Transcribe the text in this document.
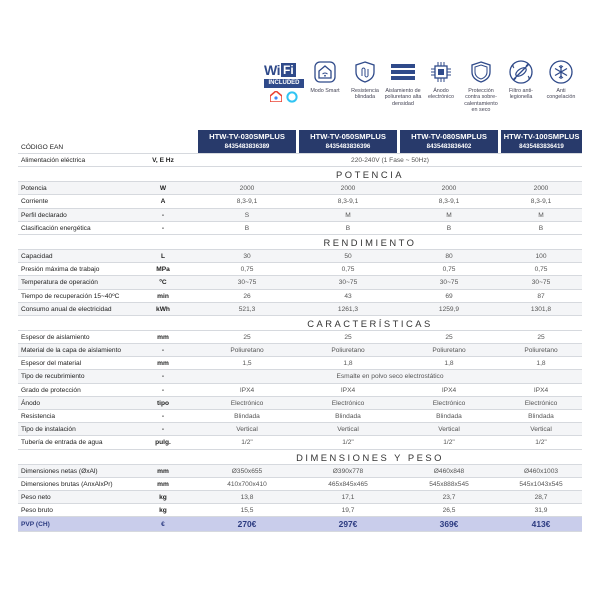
Wi Fi
INCLUDED
Modo Smart	Resistencia blindada
Aislamiento de poliuretano alta densidad
Ánodo electrónico
Protección contra sobre-calentamiento en seco
Filtro anti-legionella
Anti congelación
CÓDIGO EAN
HTW-TV-030SMPLUS
8435483836389
HTW-TV-050SMPLUS
8435483836396
HTW-TV-080SMPLUS
8435483836402
HTW-TV-100SMPLUS
8435483836419
Alimentación eléctrica	V, E Hz	220-240V (1 Fase ~ 50Hz)
POTENCIA
Potencia	W	2000	2000	2000	2000
Corriente	A	8,3-9,1	8,3-9,1	8,3-9,1	8,3-9,1
Perfil declarado	-	S	M	M	M
Clasificación energética	-	B	B	B	B
RENDIMIENTO
Capacidad	L	30	50	80	100
Presión máxima de trabajo	MPa	0,75	0,75	0,75	0,75
Temperatura de operación	ºC	30~75	30~75	30~75	30~75
Tiempo de recuperación 15~40ºC	min	26	43	69	87
Consumo anual de electricidad	kWh	521,3	1261,3	1259,9	1301,8
CARACTERÍSTICAS
Espesor de aislamiento	mm	25	25	25	25
Material de la capa de aislamiento	-	Poliuretano	Poliuretano	Poliuretano	Poliuretano
Espesor del material	mm	1,5	1,8	1,8	1,8
Tipo de recubrimiento	-	Esmalte en polvo seco electrostático
Grado de protección	-	IPX4	IPX4	IPX4	IPX4
Ánodo	tipo	Electrónico	Electrónico	Electrónico	Electrónico
Resistencia	-	Blindada	Blindada	Blindada	Blindada
Tipo de instalación	-	Vertical	Vertical	Vertical	Vertical
Tubería de entrada de agua	pulg.	1/2"	1/2"	1/2"	1/2"
DIMENSIONES Y PESO
Dimensiones netas (ØxAl)	mm	Ø350x655	Ø390x778	Ø460x848	Ø460x1003
Dimensiones brutas (AnxAlxPr)	mm	410x700x410	465x845x465	545x888x545	545x1043x545
Peso neto	kg	13,8	17,1	23,7	28,7
Peso bruto	kg	15,5	19,7	26,5	31,9
PVP (CH)	€	270€	297€	369€	413€
